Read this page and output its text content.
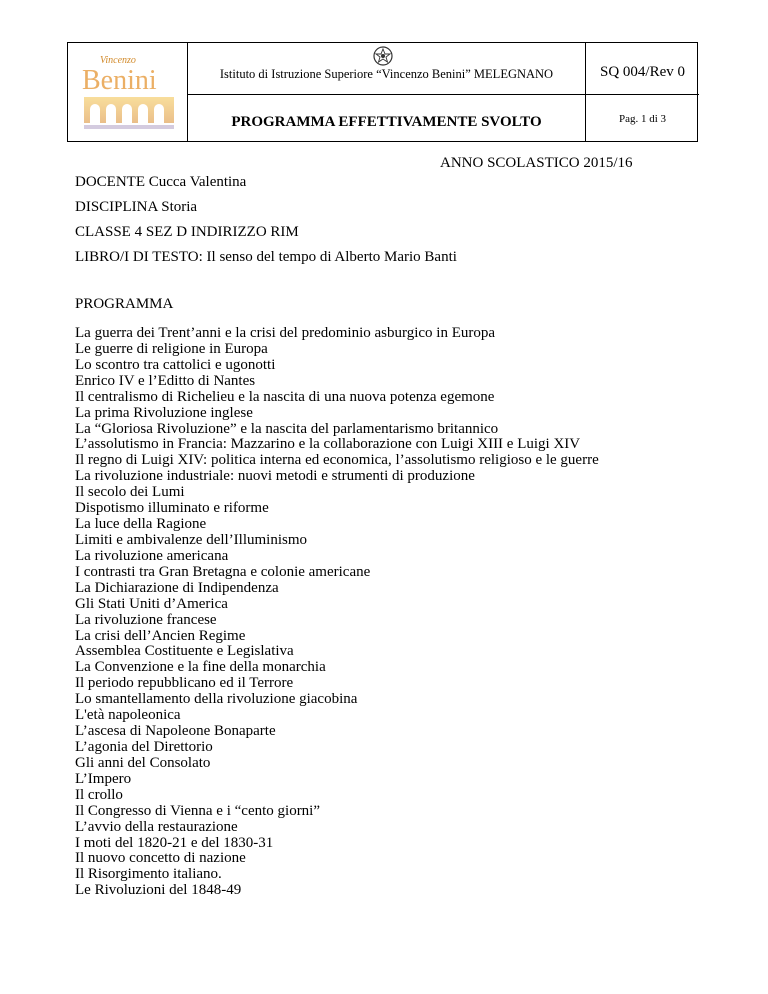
Vincenzo
Benini	Istituto di Istruzione Superiore “Vincenzo Benini” MELEGNANO	SQ 004/Rev 0
PROGRAMMA EFFETTIVAMENTE SVOLTO	Pag. 1 di 3
ANNO SCOLASTICO 2015/16
DOCENTE Cucca Valentina
DISCIPLINA Storia
CLASSE 4 SEZ D INDIRIZZO RIM
LIBRO/I DI TESTO: Il senso del tempo di Alberto Mario Banti
PROGRAMMA
La guerra dei Trent’anni e la crisi del predominio asburgico in Europa
Le guerre di religione in Europa
Lo scontro tra cattolici e ugonotti
Enrico IV e l’Editto di Nantes
Il centralismo di Richelieu e la nascita di una nuova potenza egemone
La prima Rivoluzione inglese
La “Gloriosa Rivoluzione” e la nascita del parlamentarismo britannico
L’assolutismo in Francia: Mazzarino e la collaborazione con Luigi XIII e Luigi XIV
Il regno di Luigi XIV: politica interna ed economica, l’assolutismo religioso e le guerre
La rivoluzione industriale: nuovi metodi e strumenti di produzione
Il secolo dei Lumi
Dispotismo illuminato e riforme
La luce della Ragione
Limiti e ambivalenze dell’Illuminismo
La rivoluzione americana
I contrasti tra Gran Bretagna e colonie americane
La Dichiarazione di Indipendenza
Gli Stati Uniti d’America
La rivoluzione francese
La crisi dell’Ancien Regime
Assemblea Costituente e Legislativa
La Convenzione e la fine della monarchia
Il periodo repubblicano ed il Terrore
Lo smantellamento della rivoluzione giacobina
L'età napoleonica
L’ascesa di Napoleone Bonaparte
L’agonia del Direttorio
Gli anni del Consolato
L’Impero
Il crollo
Il Congresso di Vienna e i “cento giorni”
L’avvio della restaurazione
I moti del 1820-21 e del 1830-31
Il nuovo concetto di nazione
Il Risorgimento italiano.
Le Rivoluzioni del 1848-49
